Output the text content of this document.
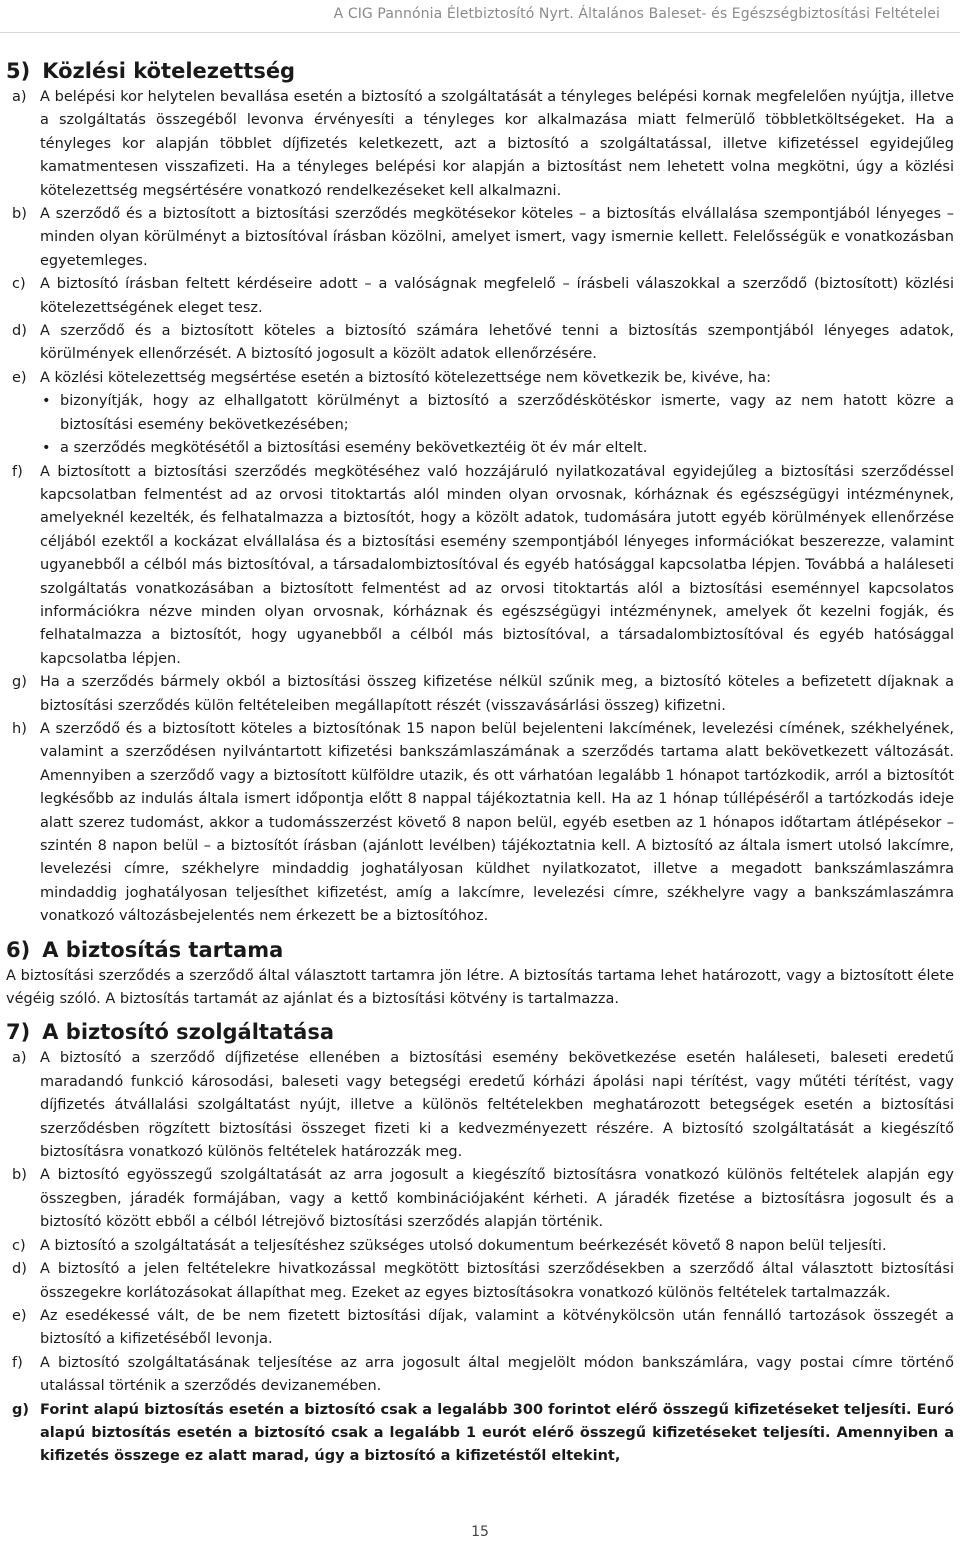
A CIG Pannónia Életbiztosító Nyrt. Általános Baleset- és Egészségbiztosítási Feltételei
5) Közlési kötelezettség
a) A belépési kor helytelen bevallása esetén a biztosító a szolgáltatását a tényleges belépési kornak megfelelően nyújtja, illetve a szolgáltatás összegéből levonva érvényesíti a tényleges kor alkalmazása miatt felmerülő többletköltségeket. Ha a tényleges kor alapján többlet díjfizetés keletkezett, azt a biztosító a szolgáltatással, illetve kifizetéssel egyidejűleg kamatmentesen visszafizeti. Ha a tényleges belépési kor alapján a biztosítást nem lehetett volna megkötni, úgy a közlési kötelezettség megsértésére vonatkozó rendelkezéseket kell alkalmazni.
b) A szerződő és a biztosított a biztosítási szerződés megkötésekor köteles – a biztosítás elvállalása szempontjából lényeges – minden olyan körülményt a biztosítóval írásban közölni, amelyet ismert, vagy ismernie kellett. Felelősségük e vonatkozásban egyetemleges.
c) A biztosító írásban feltett kérdéseire adott – a valóságnak megfelelő – írásbeli válaszokkal a szerződő (biztosított) közlési kötelezettségének eleget tesz.
d) A szerződő és a biztosított köteles a biztosító számára lehetővé tenni a biztosítás szempontjából lényeges adatok, körülmények ellenőrzését. A biztosító jogosult a közölt adatok ellenőrzésére.
e) A közlési kötelezettség megsértése esetén a biztosító kötelezettsége nem következik be, kivéve, ha:
• bizonyítják, hogy az elhallgatott körülményt a biztosító a szerződéskötéskor ismerte, vagy az nem hatott közre a biztosítási esemény bekövetkezésében;
• a szerződés megkötésétől a biztosítási esemény bekövetkeztéig öt év már eltelt.
f) A biztosított a biztosítási szerződés megkötéséhez való hozzájáruló nyilatkozatával egyidejűleg a biztosítási szerződéssel kapcsolatban felmentést ad az orvosi titoktartás alól minden olyan orvosnak, kórháznak és egészségügyi intézménynek, amelyeknél kezelték, és felhatalmazza a biztosítót, hogy a közölt adatok, tudomására jutott egyéb körülmények ellenőrzése céljából ezektől a kockázat elvállalása és a biztosítási esemény szempontjából lényeges információkat beszerezze, valamint ugyanebből a célból más biztosítóval, a társadalombiztosítóval és egyéb hatósággal kapcsolatba lépjen. Továbbá a haláleseti szolgáltatás vonatkozásában a biztosított felmentést ad az orvosi titoktartás alól a biztosítási eseménnyel kapcsolatos információkra nézve minden olyan orvosnak, kórháznak és egészségügyi intézménynek, amelyek őt kezelni fogják, és felhatalmazza a biztosítót, hogy ugyanebből a célból más biztosítóval, a társadalombiztosítóval és egyéb hatósággal kapcsolatba lépjen.
g) Ha a szerződés bármely okból a biztosítási összeg kifizetése nélkül szűnik meg, a biztosító köteles a befizetett díjaknak a biztosítási szerződés külön feltételeiben megállapított részét (visszavásárlási összeg) kifizetni.
h) A szerződő és a biztosított köteles a biztosítónak 15 napon belül bejelenteni lakcímének, levelezési címének, székhelyének, valamint a szerződésen nyilvántartott kifizetési bankszámlaszámának a szerződés tartama alatt bekövetkezett változását. Amennyiben a szerződő vagy a biztosított külföldre utazik, és ott várhatóan legalább 1 hónapot tartózkodik, arról a biztosítót legkésőbb az indulás általa ismert időpontja előtt 8 nappal tájékoztatnia kell. Ha az 1 hónap túllépéséről a tartózkodás ideje alatt szerez tudomást, akkor a tudomásszerzést követő 8 napon belül, egyéb esetben az 1 hónapos időtartam átlépésekor – szintén 8 napon belül – a biztosítót írásban (ajánlott levélben) tájékoztatnia kell. A biztosító az általa ismert utolsó lakcímre, levelezési címre, székhelyre mindaddig joghatályosan küldhet nyilatkozatot, illetve a megadott bankszámlaszámra mindaddig joghatályosan teljesíthet kifizetést, amíg a lakcímre, levelezési címre, székhelyre vagy a bankszámlaszámra vonatkozó változásbejelentés nem érkezett be a biztosítóhoz.
6) A biztosítás tartama
A biztosítási szerződés a szerződő által választott tartamra jön létre. A biztosítás tartama lehet határozott, vagy a biztosított élete végéig szóló. A biztosítás tartamát az ajánlat és a biztosítási kötvény is tartalmazza.
7) A biztosító szolgáltatása
a) A biztosító a szerződő díjfizetése ellenében a biztosítási esemény bekövetkezése esetén haláleseti, baleseti eredetű maradandó funkció károsodási, baleseti vagy betegségi eredetű kórházi ápolási napi térítést, vagy műtéti térítést, vagy díjfizetés átvállalási szolgáltatást nyújt, illetve a különös feltételekben meghatározott betegségek esetén a biztosítási szerződésben rögzített biztosítási összeget fizeti ki a kedvezményezett részére. A biztosító szolgáltatását a kiegészítő biztosításra vonatkozó különös feltételek határozzák meg.
b) A biztosító egyösszegű szolgáltatását az arra jogosult a kiegészítő biztosításra vonatkozó különös feltételek alapján egy összegben, járadék formájában, vagy a kettő kombinációjaként kérheti. A járadék fizetése a biztosításra jogosult és a biztosító között ebből a célból létrejövő biztosítási szerződés alapján történik.
c) A biztosító a szolgáltatását a teljesítéshez szükséges utolsó dokumentum beérkezését követő 8 napon belül teljesíti.
d) A biztosító a jelen feltételekre hivatkozással megkötött biztosítási szerződésekben a szerződő által választott biztosítási összegekre korlátozásokat állapíthat meg. Ezeket az egyes biztosításokra vonatkozó különös feltételek tartalmazzák.
e) Az esedékessé vált, de be nem fizetett biztosítási díjak, valamint a kötvénykölcsön után fennálló tartozások összegét a biztosító a kifizetéséből levonja.
f) A biztosító szolgáltatásának teljesítése az arra jogosult által megjelölt módon bankszámlára, vagy postai címre történő utalással történik a szerződés devizanemében.
g) Forint alapú biztosítás esetén a biztosító csak a legalább 300 forintot elérő összegű kifizetéseket teljesíti. Euró alapú biztosítás esetén a biztosító csak a legalább 1 eurót elérő összegű kifizetéseket teljesíti. Amennyiben a kifizetés összege ez alatt marad, úgy a biztosító a kifizetéstől eltekint,
15
